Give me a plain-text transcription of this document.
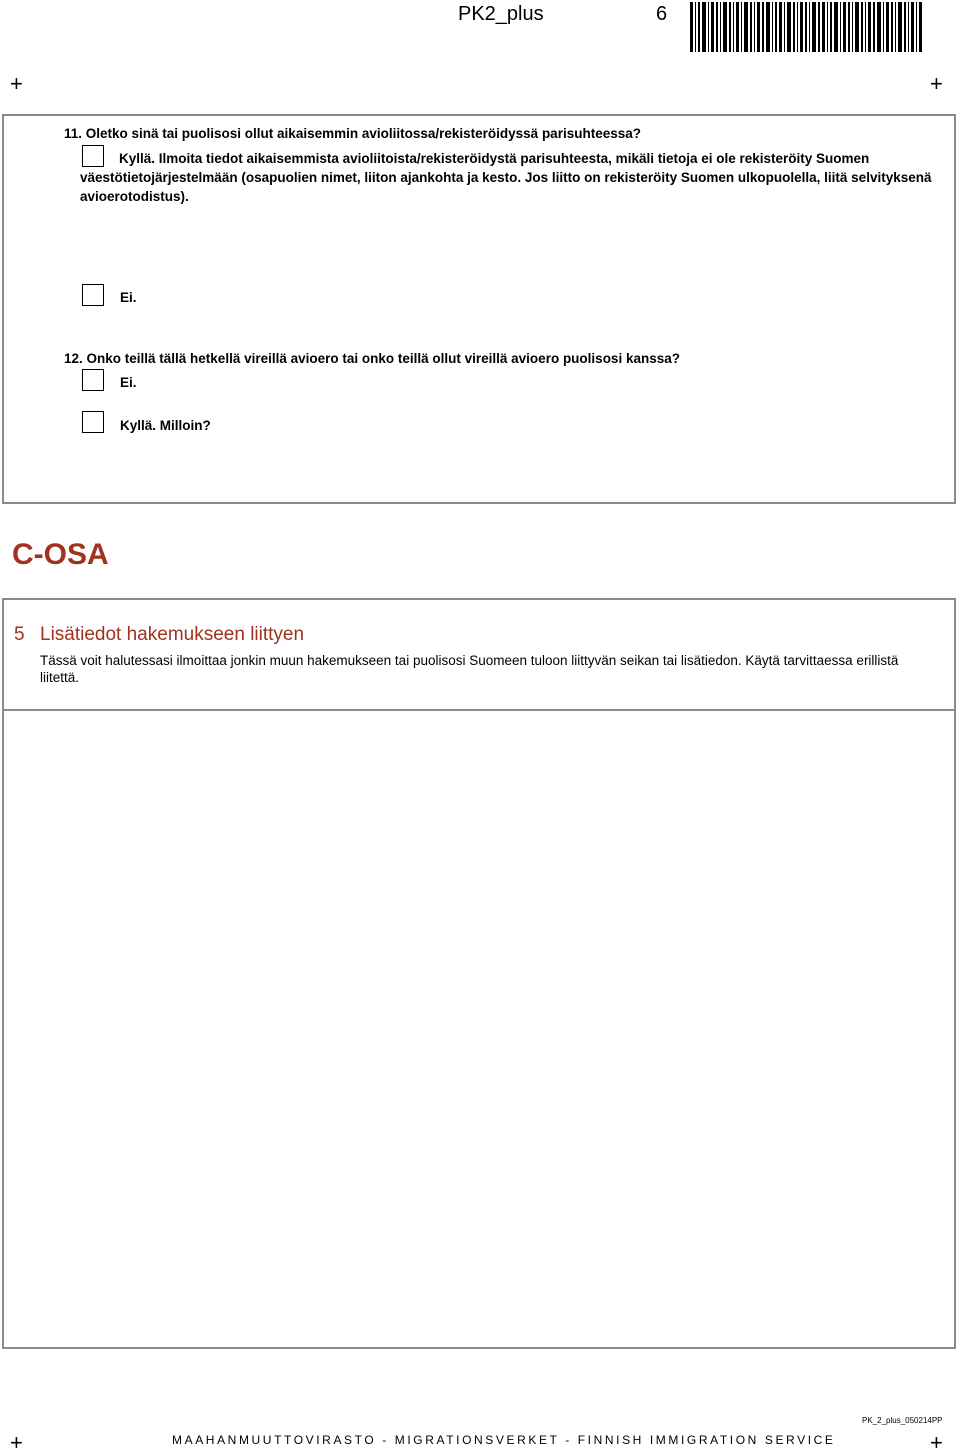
PK2_plus	6
+	+
+	+
11. Oletko sinä tai puolisosi ollut aikaisemmin avioliitossa/rekisteröidyssä parisuhteessa?
Kyllä. Ilmoita tiedot aikaisemmista avioliitoista/rekisteröidystä parisuhteesta, mikäli tietoja ei ole rekisteröity Suomen väestötietojärjestelmään (osapuolien nimet, liiton ajankohta ja kesto. Jos liitto on rekisteröity Suomen ulkopuolella, liitä selvityksenä avioerotodistus).
Ei.
12. Onko teillä tällä hetkellä vireillä avioero tai onko teillä ollut vireillä avioero puolisosi kanssa?
Ei.
Kyllä. Milloin?
C-OSA
5 Lisätiedot hakemukseen liittyen
Tässä voit halutessasi ilmoittaa jonkin muun hakemukseen tai puolisosi Suomeen tuloon liittyvän seikan tai lisätiedon. Käytä tarvittaessa erillistä liitettä.
PK_2_plus_050214PP
MAAHANMUUTTOVIRASTO - MIGRATIONSVERKET - FINNISH IMMIGRATION SERVICE
